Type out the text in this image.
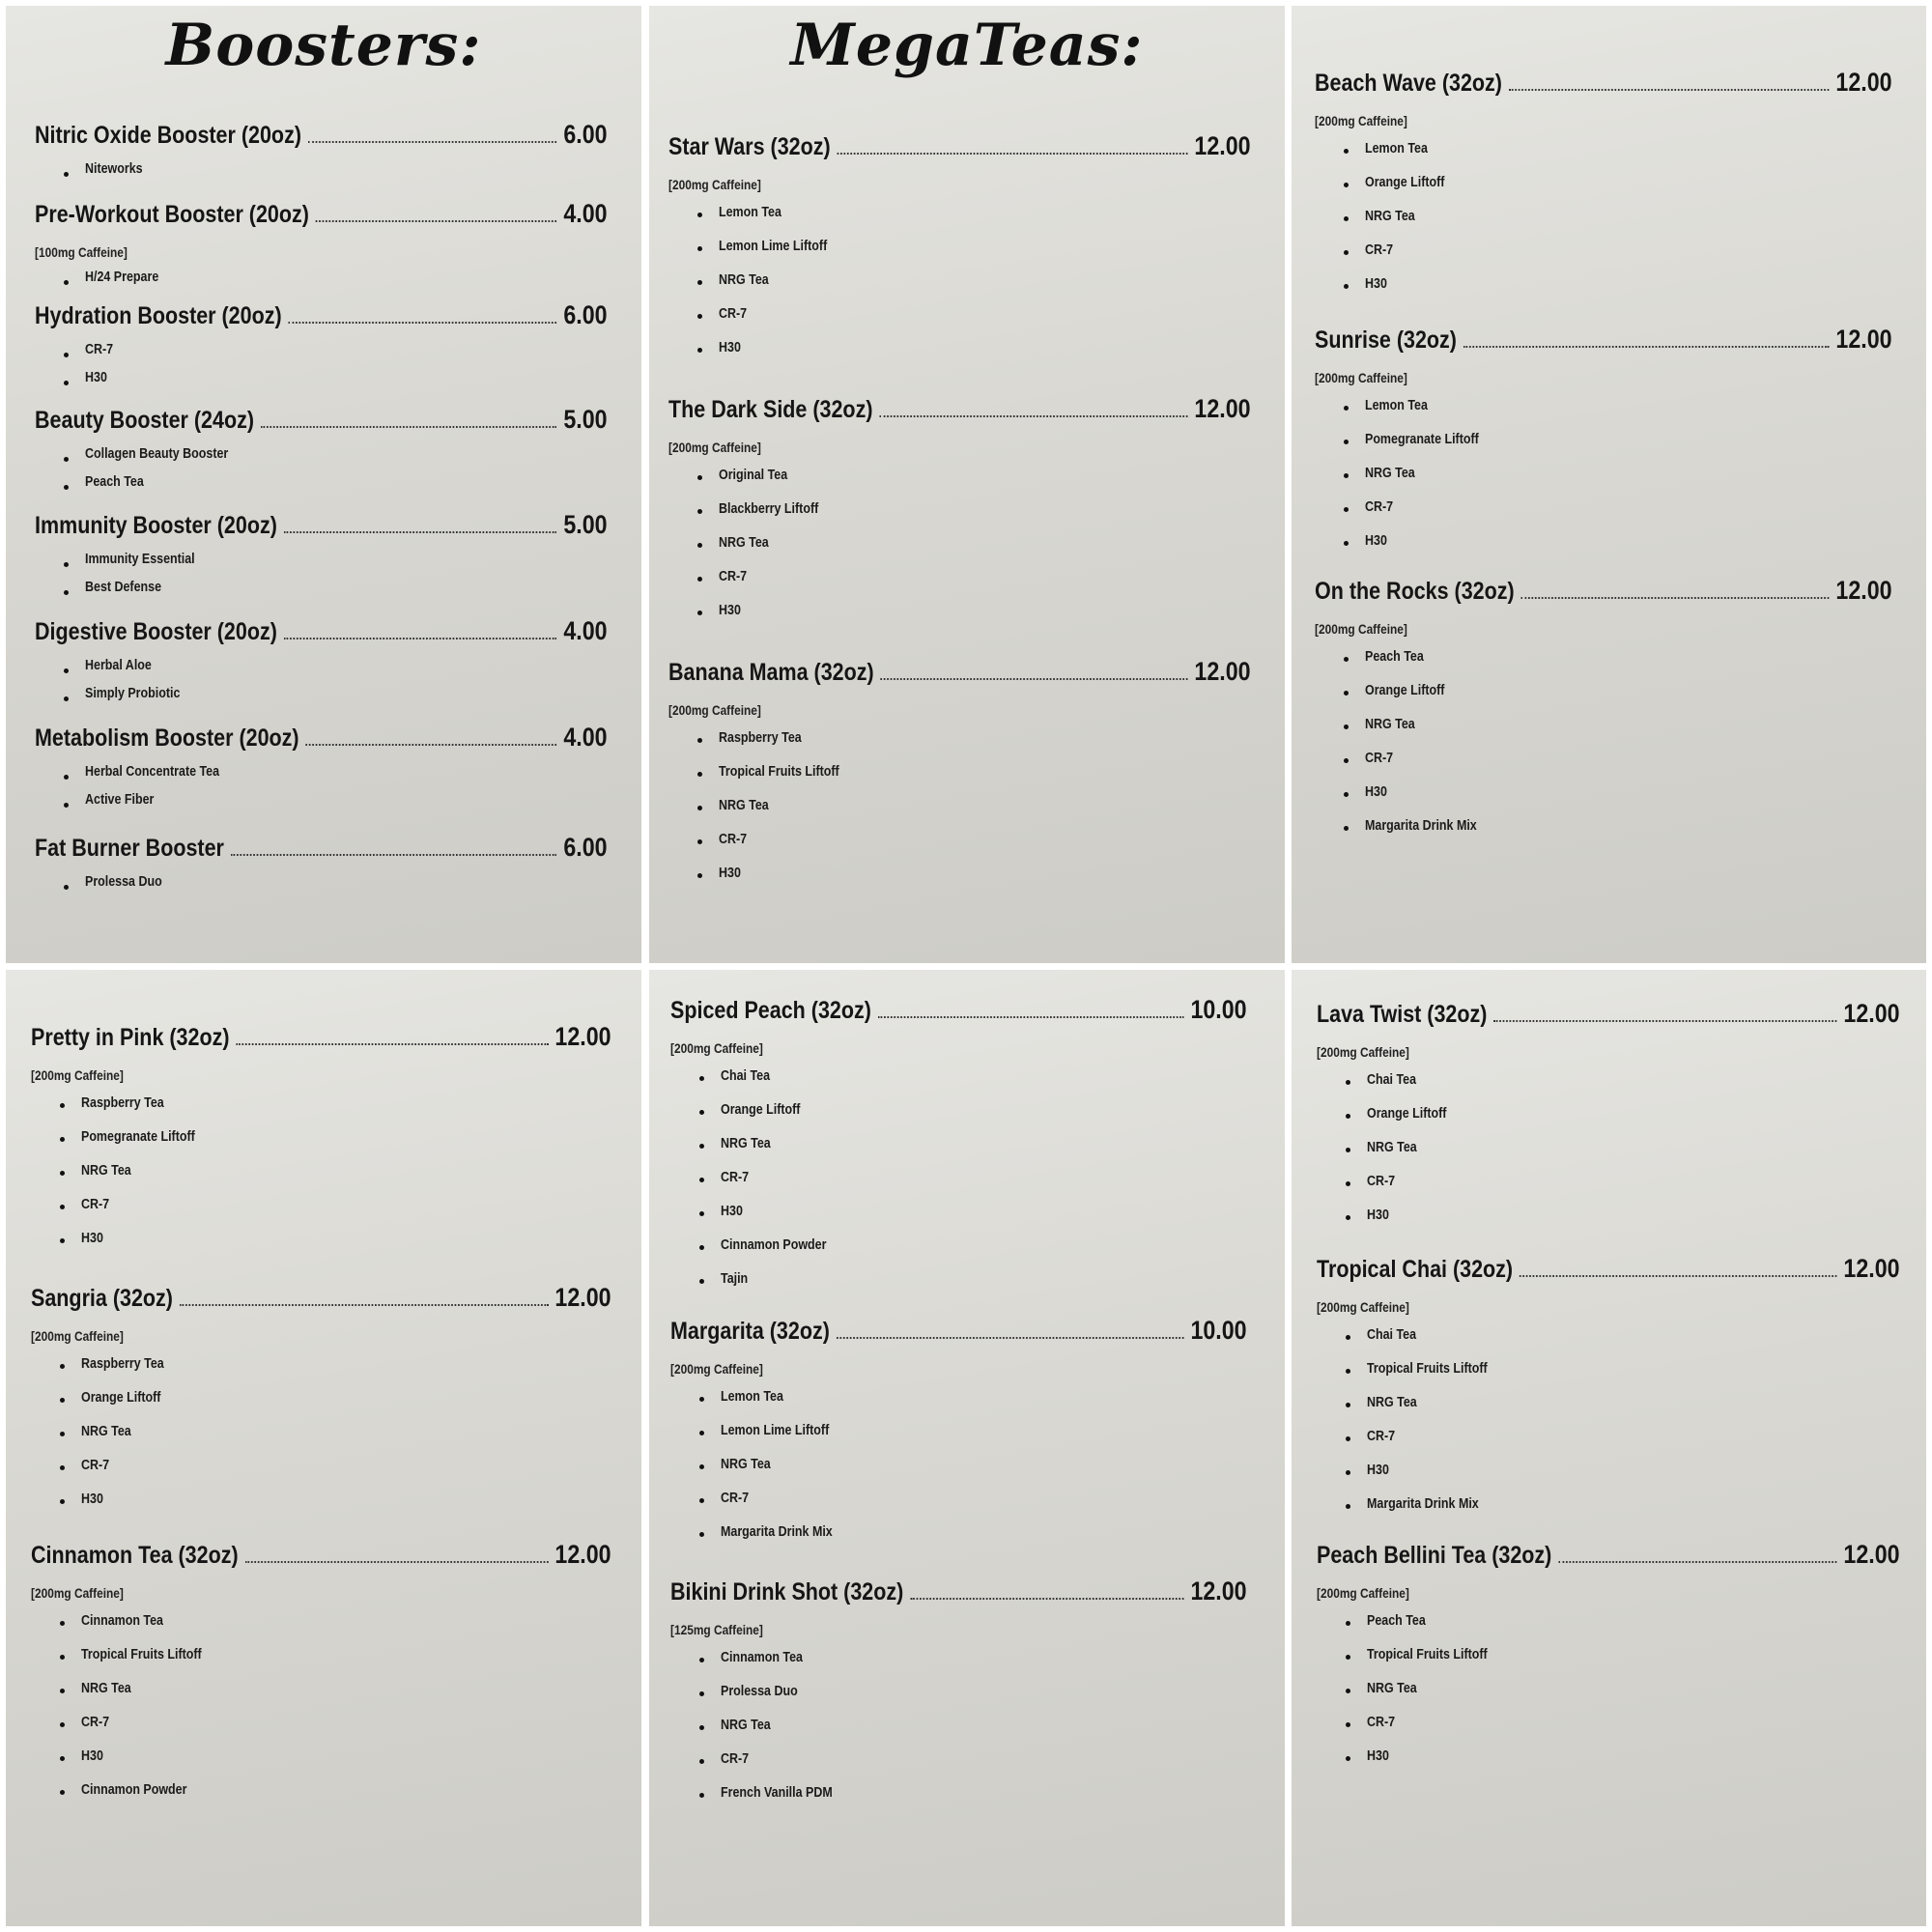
Boosters:
Nitric Oxide Booster (20oz)	6.00
Niteworks
Pre-Workout Booster (20oz)	4.00
[100mg Caffeine]
H/24 Prepare
Hydration Booster (20oz)	6.00
CR-7
H30
Beauty Booster (24oz)	5.00
Collagen Beauty Booster
Peach Tea
Immunity Booster (20oz)	5.00
Immunity Essential
Best Defense
Digestive Booster (20oz)	4.00
Herbal Aloe
Simply Probiotic
Metabolism Booster (20oz)	4.00
Herbal Concentrate Tea
Active Fiber
Fat Burner Booster	6.00
Prolessa Duo
MegaTeas:
Star Wars (32oz)	12.00
[200mg Caffeine]
Lemon Tea
Lemon Lime Liftoff
NRG Tea
CR-7
H30
The Dark Side (32oz)	12.00
[200mg Caffeine]
Original Tea
Blackberry Liftoff
NRG Tea
CR-7
H30
Banana Mama (32oz)	12.00
[200mg Caffeine]
Raspberry Tea
Tropical Fruits Liftoff
NRG Tea
CR-7
H30
Beach Wave (32oz)	12.00
[200mg Caffeine]
Lemon Tea
Orange Liftoff
NRG Tea
CR-7
H30
Sunrise (32oz)	12.00
[200mg Caffeine]
Lemon Tea
Pomegranate Liftoff
NRG Tea
CR-7
H30
On the Rocks (32oz)	12.00
[200mg Caffeine]
Peach Tea
Orange Liftoff
NRG Tea
CR-7
H30
Margarita Drink Mix
Pretty in Pink (32oz)	12.00
[200mg Caffeine]
Raspberry Tea
Pomegranate Liftoff
NRG Tea
CR-7
H30
Sangria (32oz)	12.00
[200mg Caffeine]
Raspberry Tea
Orange Liftoff
NRG Tea
CR-7
H30
Cinnamon Tea (32oz)	12.00
[200mg Caffeine]
Cinnamon Tea
Tropical Fruits Liftoff
NRG Tea
CR-7
H30
Cinnamon Powder
Spiced Peach (32oz)	10.00
[200mg Caffeine]
Chai Tea
Orange Liftoff
NRG Tea
CR-7
H30
Cinnamon Powder
Tajin
Margarita (32oz)	10.00
[200mg Caffeine]
Lemon Tea
Lemon Lime Liftoff
NRG Tea
CR-7
Margarita Drink Mix
Bikini Drink Shot (32oz)	12.00
[125mg Caffeine]
Cinnamon Tea
Prolessa Duo
NRG Tea
CR-7
French Vanilla PDM
Lava Twist (32oz)	12.00
[200mg Caffeine]
Chai Tea
Orange Liftoff
NRG Tea
CR-7
H30
Tropical Chai (32oz)	12.00
[200mg Caffeine]
Chai Tea
Tropical Fruits Liftoff
NRG Tea
CR-7
H30
Margarita Drink Mix
Peach Bellini Tea (32oz)	12.00
[200mg Caffeine]
Peach Tea
Tropical Fruits Liftoff
NRG Tea
CR-7
H30
